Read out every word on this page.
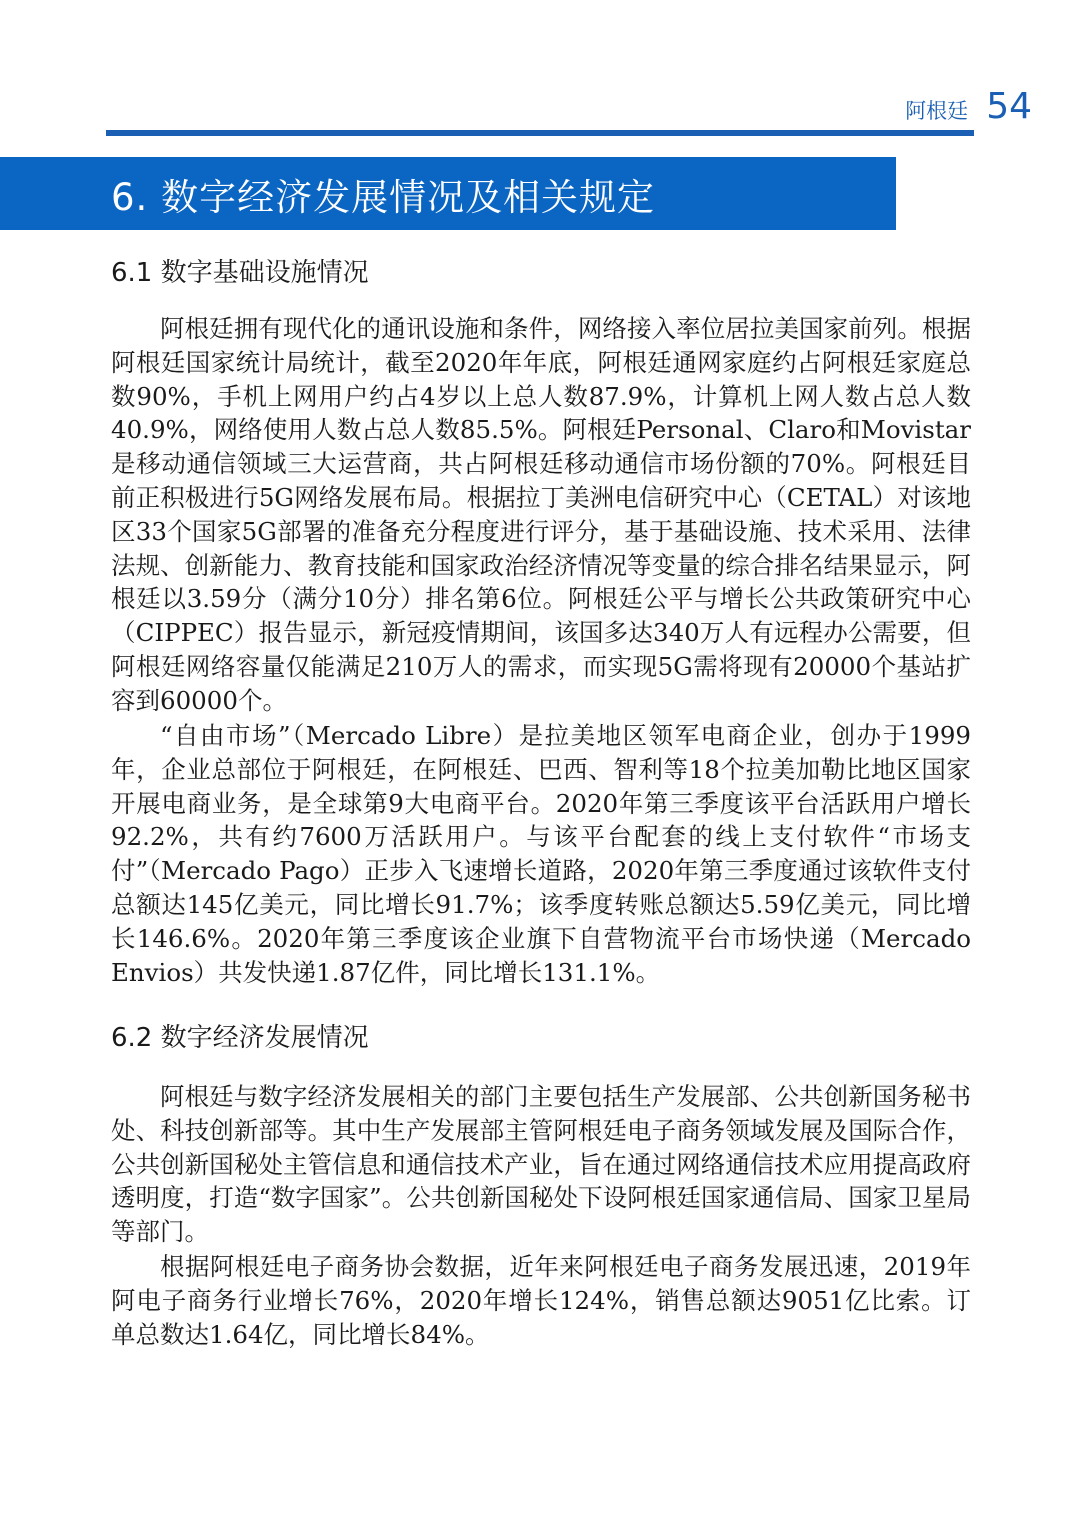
阿根廷 54
6. 数字经济发展情况及相关规定
6.1 数字基础设施情况

阿根廷拥有现代化的通讯设施和条件，网络接入率位居拉美国家前列。根据阿根廷国家统计局统计，截至2020年年底，阿根廷通网家庭约占阿根廷家庭总数90%，手机上网用户约占4岁以上总人数87.9%，计算机上网人数占总人数40.9%，网络使用人数占总人数85.5%。阿根廷Personal、Claro和Movistar是移动通信领域三大运营商，共占阿根廷移动通信市场份额的70%。阿根廷目前正积极进行5G网络发展布局。根据拉丁美洲电信研究中心（CETAL）对该地区33个国家5G部署的准备充分程度进行评分，基于基础设施、技术采用、法律法规、创新能力、教育技能和国家政治经济情况等变量的综合排名结果显示，阿根廷以3.59分（满分10分）排名第6位。阿根廷公平与增长公共政策研究中心（CIPPEC）报告显示，新冠疫情期间，该国多达340万人有远程办公需要，但阿根廷网络容量仅能满足210万人的需求，而实现5G需将现有20000个基站扩容到60000个。

“自由市场”（Mercado Libre）是拉美地区领军电商企业，创办于1999年，企业总部位于阿根廷，在阿根廷、巴西、智利等18个拉美加勒比地区国家开展电商业务，是全球第9大电商平台。2020年第三季度该平台活跃用户增长92.2%，共有约7600万活跃用户。与该平台配套的线上支付软件“市场支付”（Mercado Pago）正步入飞速增长道路，2020年第三季度通过该软件支付总额达145亿美元，同比增长91.7%；该季度转账总额达5.59亿美元，同比增长146.6%。2020年第三季度该企业旗下自营物流平台市场快递（Mercado Envios）共发快递1.87亿件，同比增长131.1%。

6.2 数字经济发展情况

阿根廷与数字经济发展相关的部门主要包括生产发展部、公共创新国务秘书处、科技创新部等。其中生产发展部主管阿根廷电子商务领域发展及国际合作，公共创新国秘处主管信息和通信技术产业，旨在通过网络通信技术应用提高政府透明度，打造“数字国家”。公共创新国秘处下设阿根廷国家通信局、国家卫星局等部门。

根据阿根廷电子商务协会数据，近年来阿根廷电子商务发展迅速，2019年阿电子商务行业增长76%，2020年增长124%，销售总额达9051亿比索。订单总数达1.64亿，同比增长84%。
